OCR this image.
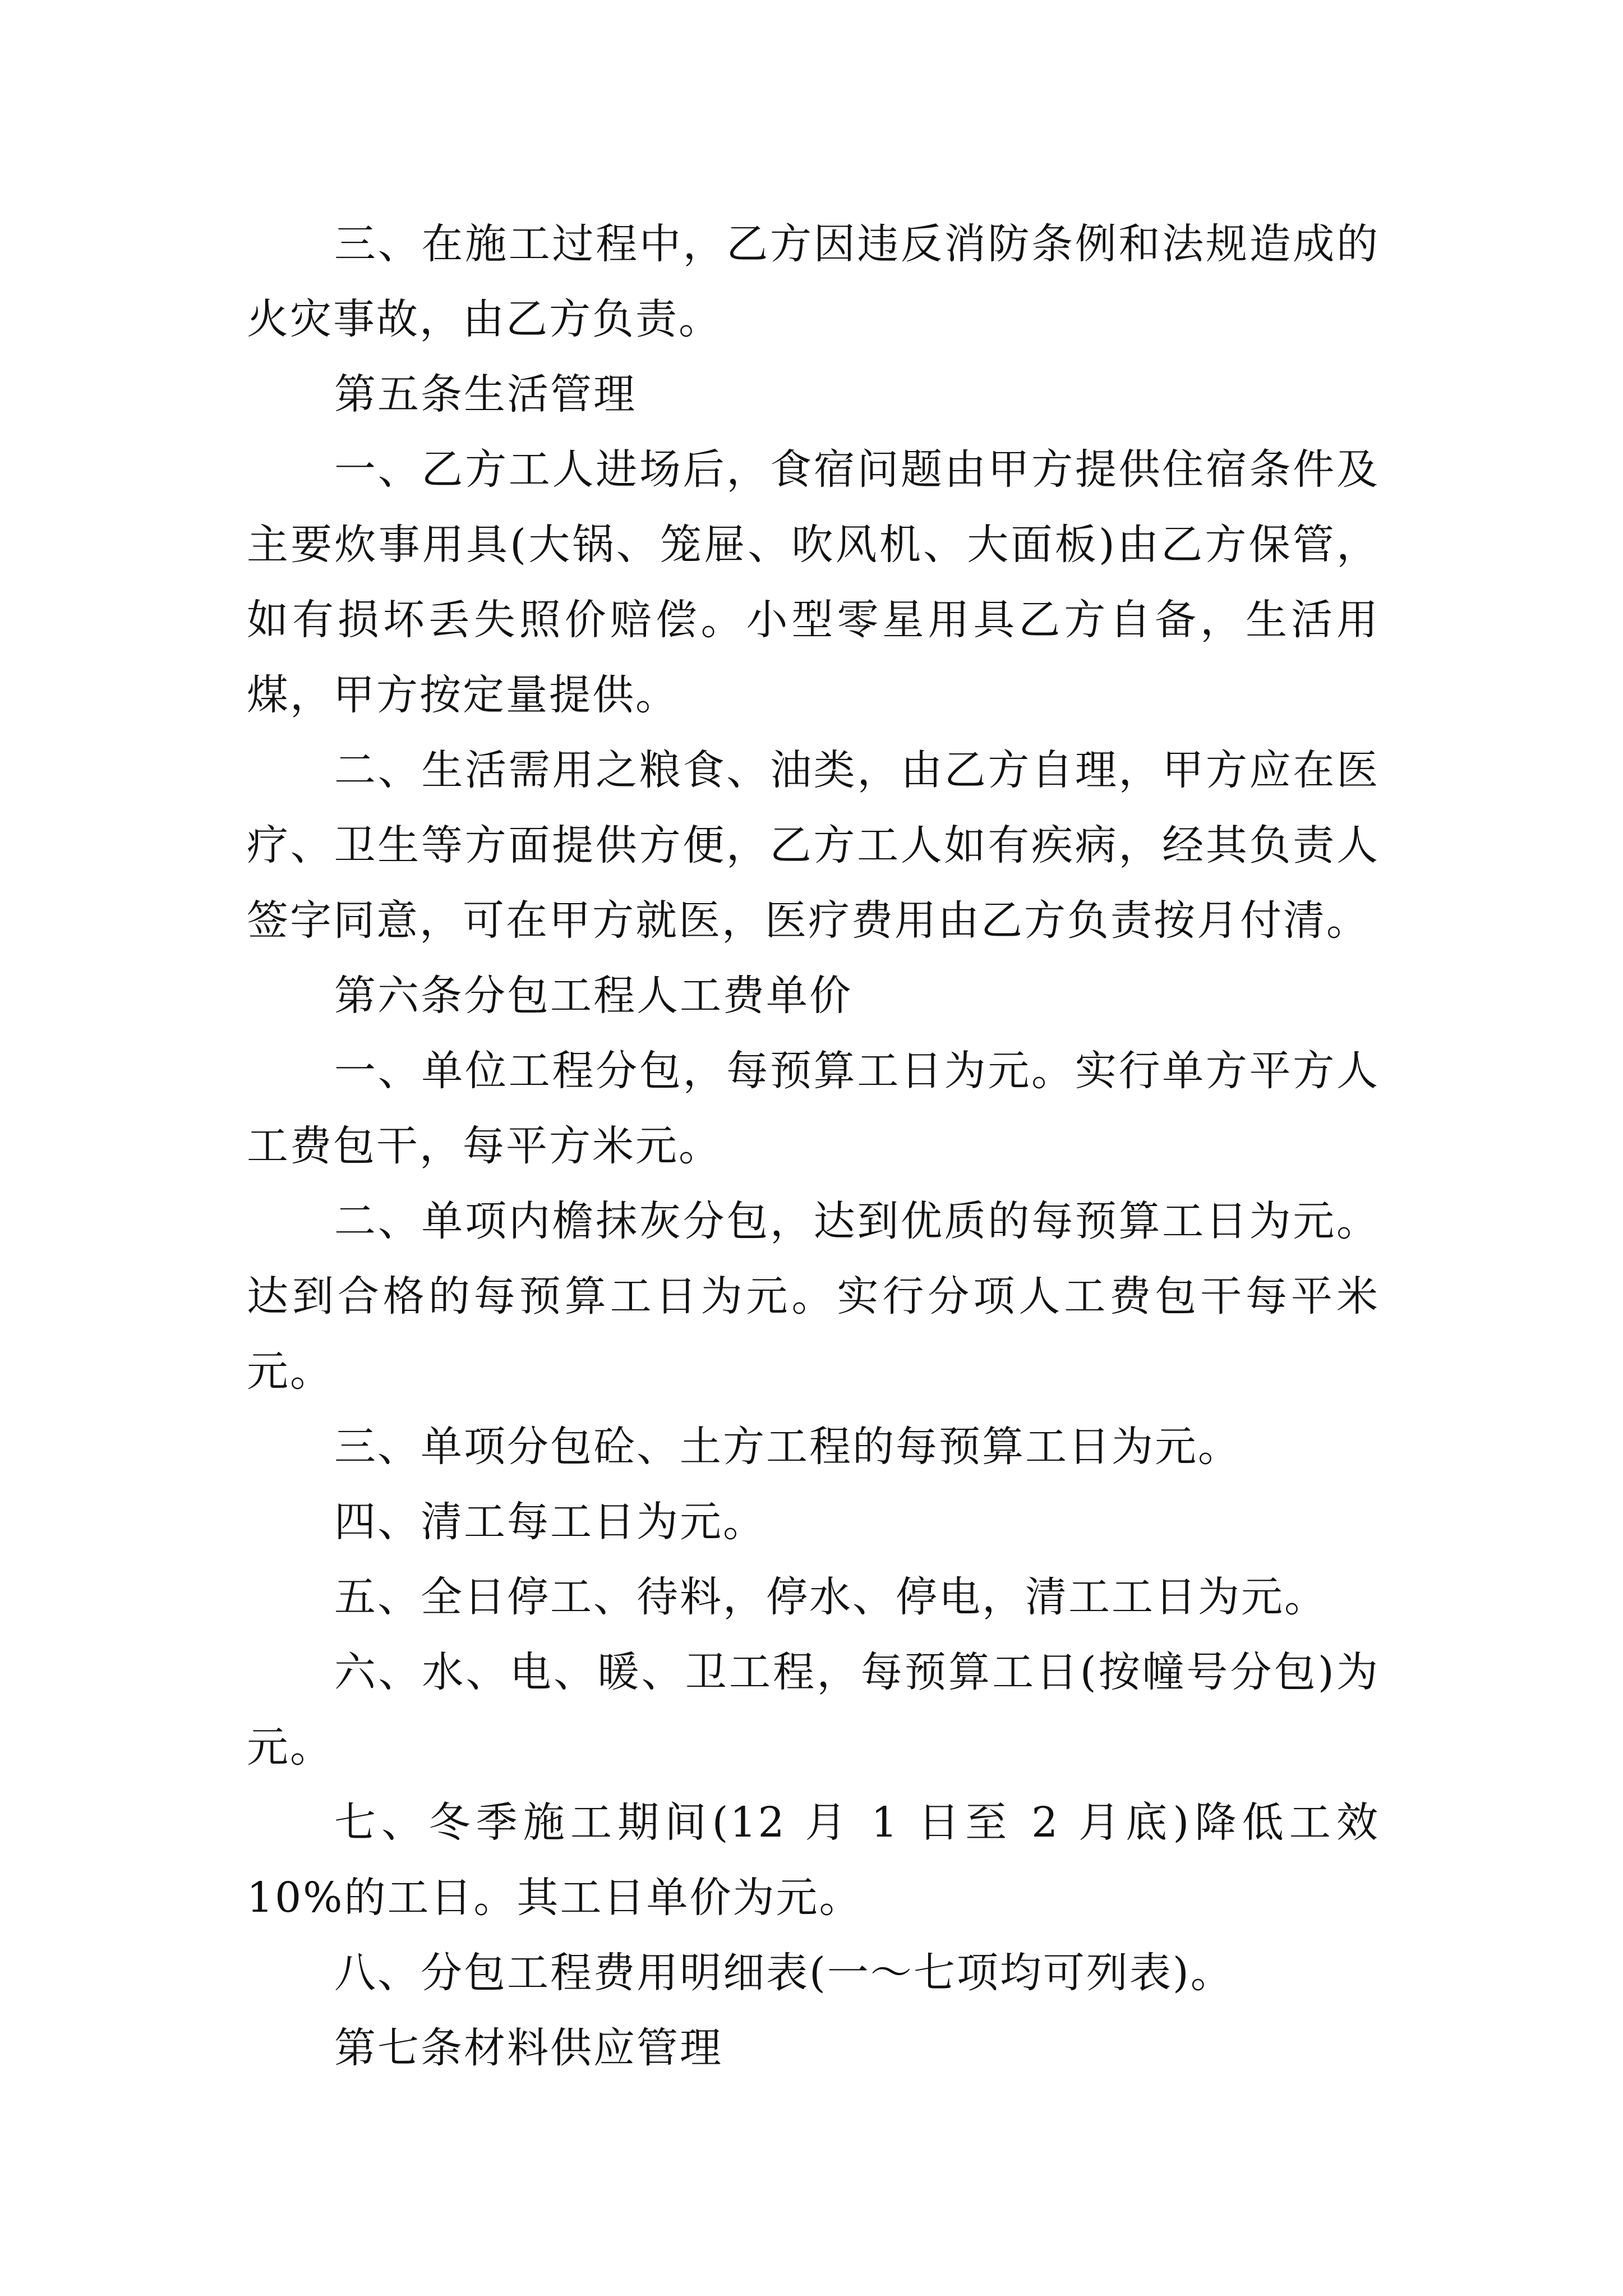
三、在施工过程中，乙方因违反消防条例和法规造成的火灾事故，由乙方负责。

第五条生活管理

一、乙方工人进场后，食宿问题由甲方提供住宿条件及主要炊事用具(大锅、笼屉、吹风机、大面板)由乙方保管，如有损坏丢失照价赔偿。小型零星用具乙方自备，生活用煤，甲方按定量提供。

二、生活需用之粮食、油类，由乙方自理，甲方应在医疗、卫生等方面提供方便，乙方工人如有疾病，经其负责人签字同意，可在甲方就医，医疗费用由乙方负责按月付清。

第六条分包工程人工费单价

一、单位工程分包，每预算工日为元。实行单方平方人工费包干，每平方米元。

二、单项内檐抹灰分包，达到优质的每预算工日为元。达到合格的每预算工日为元。实行分项人工费包干每平米元。

三、单项分包砼、土方工程的每预算工日为元。

四、清工每工日为元。

五、全日停工、待料，停水、停电，清工工日为元。

六、水、电、暖、卫工程，每预算工日(按幢号分包)为元。

七、冬季施工期间(12 月 1 日至 2 月底)降低工效 10%的工日。其工日单价为元。

八、分包工程费用明细表(一～七项均可列表)。

第七条材料供应管理
